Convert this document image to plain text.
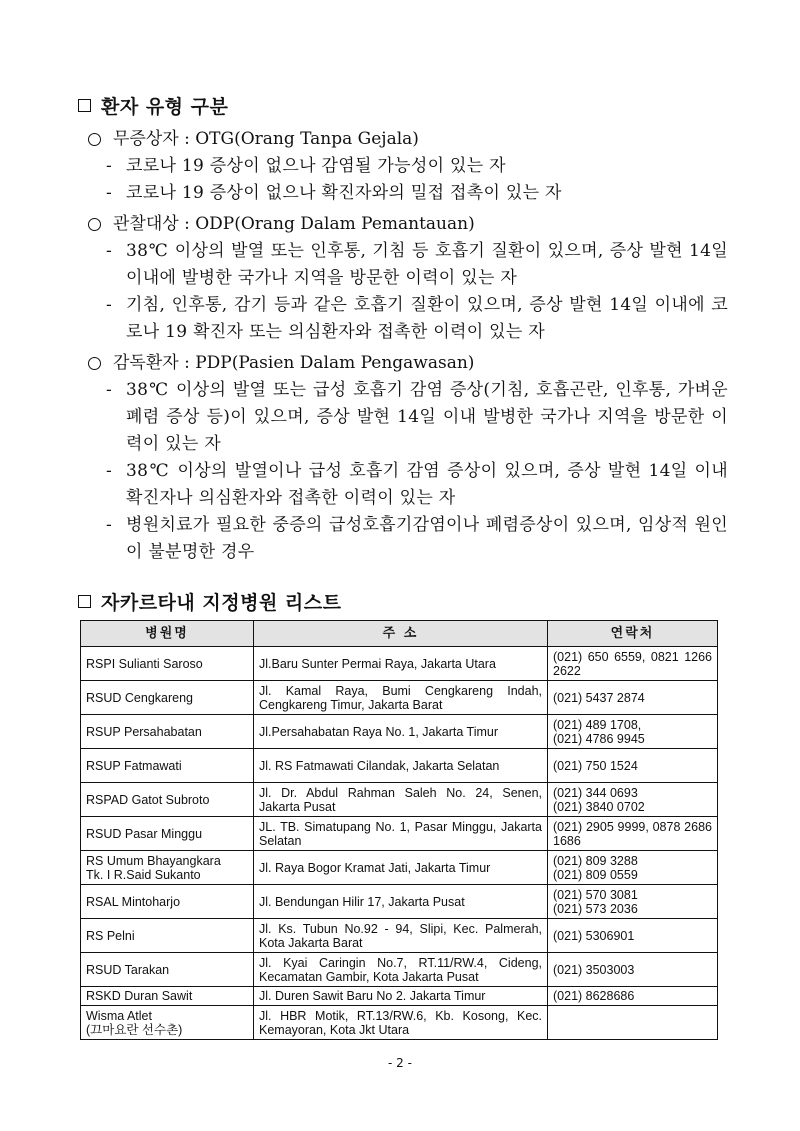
환자 유형 구분
무증상자 : OTG(Orang Tanpa Gejala)
- 코로나 19 증상이 없으나 감염될 가능성이 있는 자
- 코로나 19 증상이 없으나 확진자와의 밀접 접촉이 있는 자
관찰대상 : ODP(Orang Dalam Pemantauan)
- 38℃ 이상의 발열 또는 인후통, 기침 등 호흡기 질환이 있으며, 증상 발현 14일 이내에 발병한 국가나 지역을 방문한 이력이 있는 자
- 기침, 인후통, 감기 등과 같은 호흡기 질환이 있으며, 증상 발현 14일 이내에 코로나 19 확진자 또는 의심환자와 접촉한 이력이 있는 자
감독환자 : PDP(Pasien Dalam Pengawasan)
- 38℃ 이상의 발열 또는 급성 호흡기 감염 증상(기침, 호흡곤란, 인후통, 가벼운 폐렴 증상 등)이 있으며, 증상 발현 14일 이내 발병한 국가나 지역을 방문한 이력이 있는 자
- 38℃ 이상의 발열이나 급성 호흡기 감염 증상이 있으며, 증상 발현 14일 이내 확진자나 의심환자와 접촉한 이력이 있는 자
- 병원치료가 필요한 중증의 급성호흡기감염이나 폐렴증상이 있으며, 임상적 원인이 불분명한 경우
자카르타내 지정병원 리스트
병원명	주 소	연락처
RSPI Sulianti Saroso	Jl.Baru Sunter Permai Raya, Jakarta Utara	(021) 650 6559, 0821 1266 2622
RSUD Cengkareng	Jl. Kamal Raya, Bumi Cengkareng Indah, Cengkareng Timur, Jakarta Barat	(021) 5437 2874
RSUP Persahabatan	Jl.Persahabatan Raya No. 1, Jakarta Timur	(021) 489 1708,
(021) 4786 9945
RSUP Fatmawati	Jl. RS Fatmawati Cilandak, Jakarta Selatan	(021) 750 1524
RSPAD Gatot Subroto	Jl. Dr. Abdul Rahman Saleh No. 24, Senen, Jakarta Pusat	(021) 344 0693
(021) 3840 0702
RSUD Pasar Minggu	JL. TB. Simatupang No. 1, Pasar Minggu, Jakarta Selatan	(021) 2905 9999, 0878 2686 1686
RS Umum Bhayangkara
Tk. I R.Said Sukanto	Jl. Raya Bogor Kramat Jati, Jakarta Timur	(021) 809 3288
(021) 809 0559
RSAL Mintoharjo	Jl. Bendungan Hilir 17, Jakarta Pusat	(021) 570 3081
(021) 573 2036
RS Pelni	Jl. Ks. Tubun No.92 - 94, Slipi, Kec. Palmerah, Kota Jakarta Barat	(021) 5306901
RSUD Tarakan	Jl. Kyai Caringin No.7, RT.11/RW.4, Cideng, Kecamatan Gambir, Kota Jakarta Pusat	(021) 3503003
RSKD Duran Sawit	Jl. Duren Sawit Baru No 2. Jakarta Timur	(021) 8628686
Wisma Atlet
(끄마요란 선수촌)	Jl. HBR Motik, RT.13/RW.6, Kb. Kosong, Kec. Kemayoran, Kota Jkt Utara	
- 2 -
